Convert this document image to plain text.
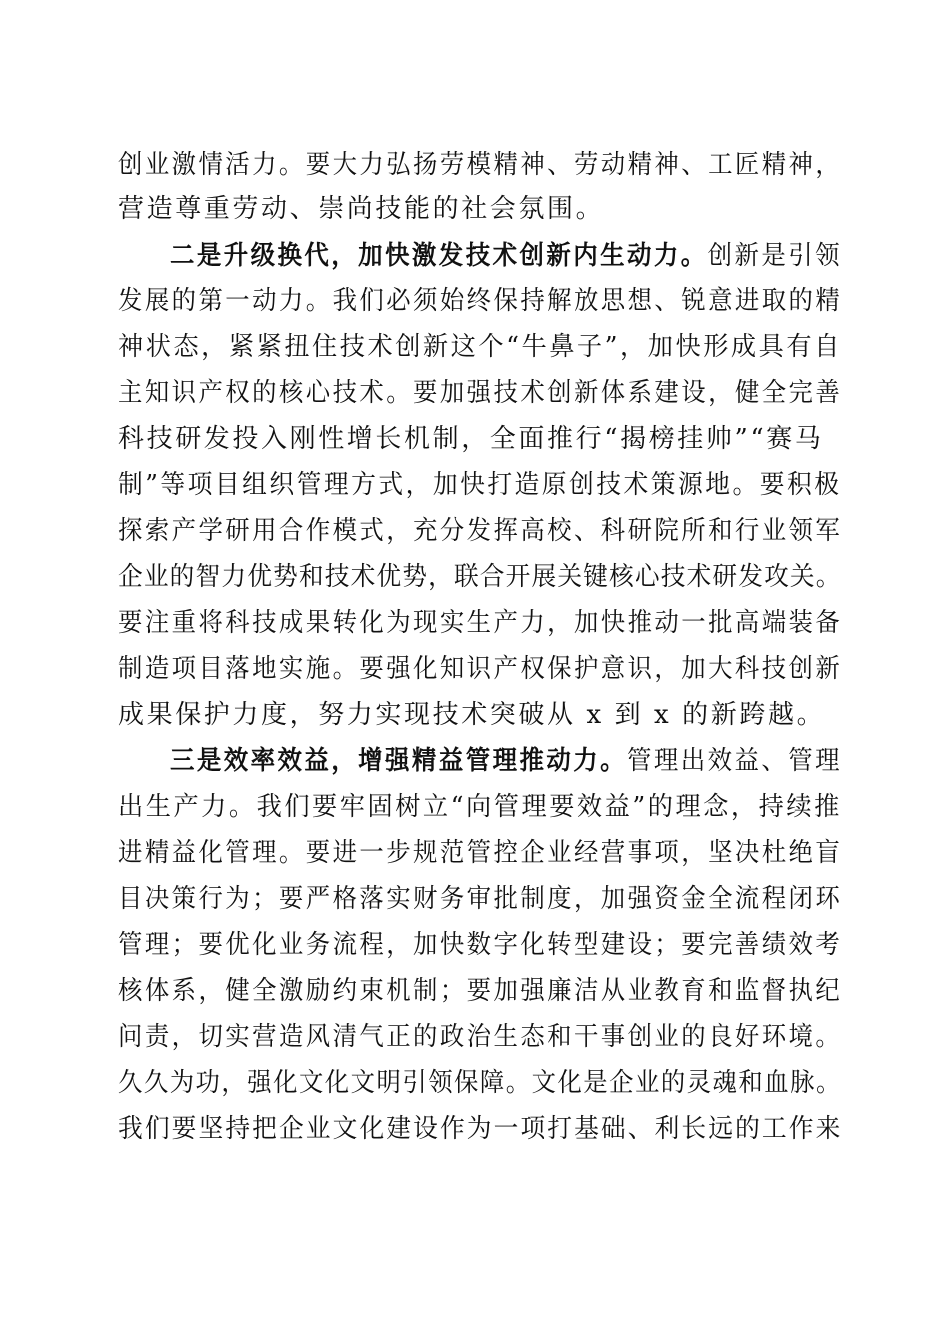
创业激情活力。要大力弘扬劳模精神、劳动精神、工匠精神，
营造尊重劳动、崇尚技能的社会氛围。
二是升级换代，加快激发技术创新内生动力。创新是引领
发展的第一动力。我们必须始终保持解放思想、锐意进取的精
神状态，紧紧扭住技术创新这个“牛鼻子”，加快形成具有自
主知识产权的核心技术。要加强技术创新体系建设，健全完善
科技研发投入刚性增长机制，全面推行“揭榜挂帅”“赛马
制”等项目组织管理方式，加快打造原创技术策源地。要积极
探索产学研用合作模式，充分发挥高校、科研院所和行业领军
企业的智力优势和技术优势，联合开展关键核心技术研发攻关。
要注重将科技成果转化为现实生产力，加快推动一批高端装备
制造项目落地实施。要强化知识产权保护意识，加大科技创新
成果保护力度，努力实现技术突破从 x 到 x 的新跨越。
三是效率效益，增强精益管理推动力。管理出效益、管理
出生产力。我们要牢固树立“向管理要效益”的理念，持续推
进精益化管理。要进一步规范管控企业经营事项，坚决杜绝盲
目决策行为；要严格落实财务审批制度，加强资金全流程闭环
管理；要优化业务流程，加快数字化转型建设；要完善绩效考
核体系，健全激励约束机制；要加强廉洁从业教育和监督执纪
问责，切实营造风清气正的政治生态和干事创业的良好环境。
久久为功，强化文化文明引领保障。文化是企业的灵魂和血脉。
我们要坚持把企业文化建设作为一项打基础、利长远的工作来
